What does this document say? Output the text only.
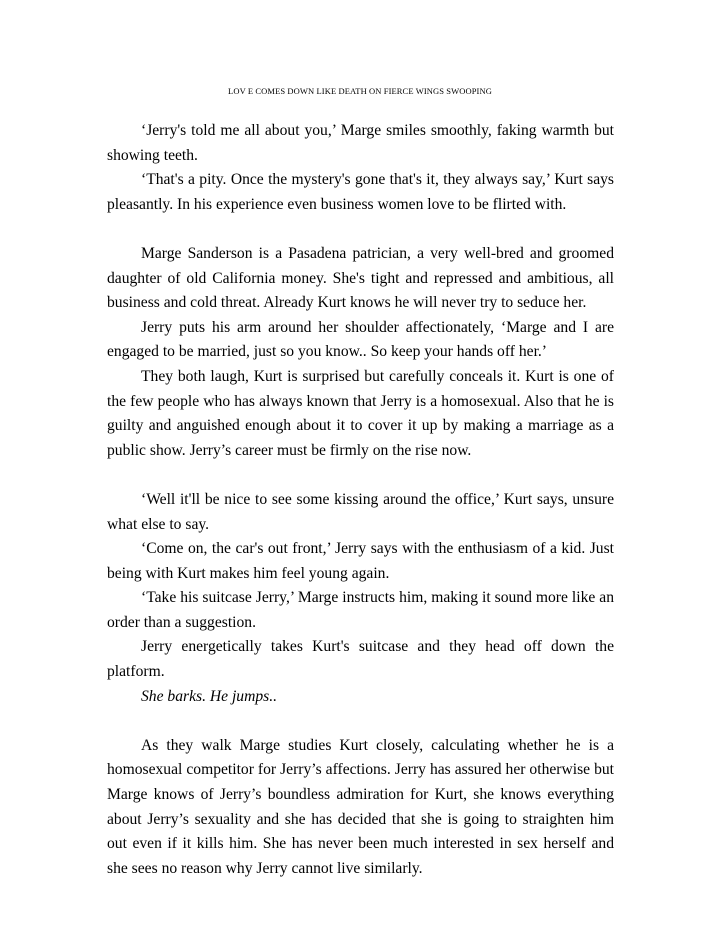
LOV E COMES DOWN LIKE DEATH ON FIERCE WINGS SWOOPING

‘Jerry's told me all about you,’ Marge smiles smoothly, faking warmth but showing teeth.

‘That's a pity. Once the mystery's gone that's it, they always say,’ Kurt says pleasantly. In his experience even business women love to be flirted with.

Marge Sanderson is a Pasadena patrician, a very well-bred and groomed daughter of old California money. She's tight and repressed and ambitious, all business and cold threat. Already Kurt knows he will never try to seduce her.

Jerry puts his arm around her shoulder affectionately, ‘Marge and I are engaged to be married, just so you know.. So keep your hands off her.’

They both laugh, Kurt is surprised but carefully conceals it. Kurt is one of the few people who has always known that Jerry is a homosexual. Also that he is guilty and anguished enough about it to cover it up by making a marriage as a public show. Jerry’s career must be firmly on the rise now.

‘Well it'll be nice to see some kissing around the office,’ Kurt says, unsure what else to say.

‘Come on, the car's out front,’ Jerry says with the enthusiasm of a kid. Just being with Kurt makes him feel young again.

‘Take his suitcase Jerry,’ Marge instructs him, making it sound more like an order than a suggestion.

Jerry energetically takes Kurt's suitcase and they head off down the platform.

She barks. He jumps..

As they walk Marge studies Kurt closely, calculating whether he is a homosexual competitor for Jerry’s affections. Jerry has assured her otherwise but Marge knows of Jerry’s boundless admiration for Kurt, she knows everything about Jerry’s sexuality and she has decided that she is going to straighten him out even if it kills him. She has never been much interested in sex herself and she sees no reason why Jerry cannot live similarly.
